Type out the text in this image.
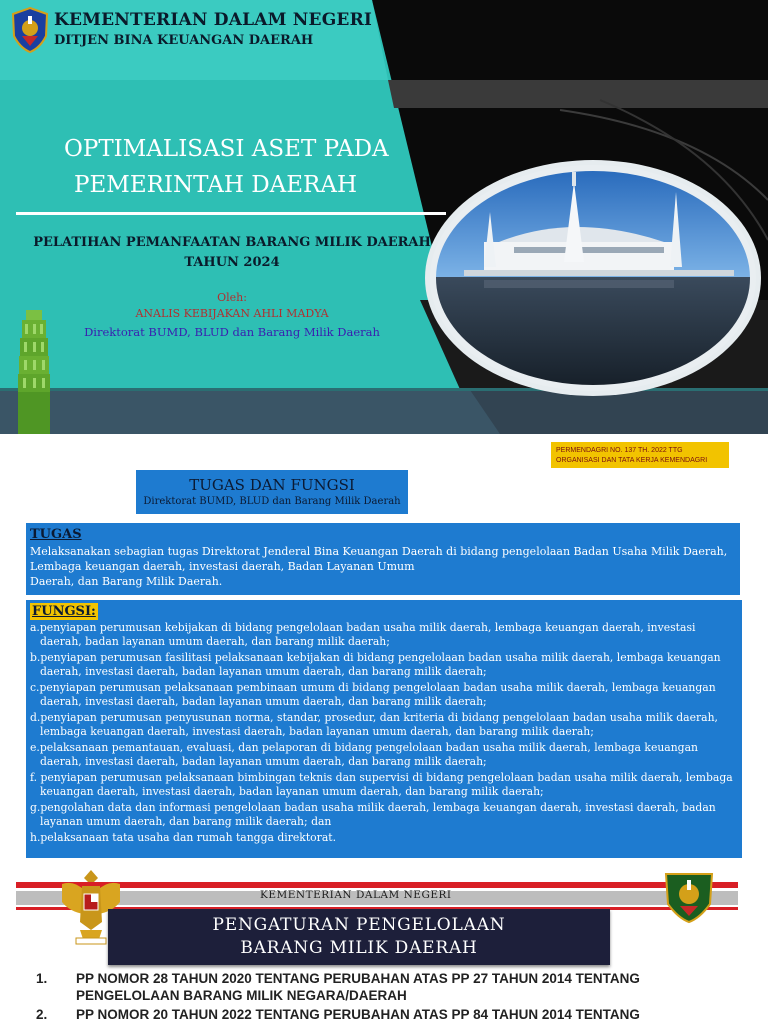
KEMENTERIAN DALAM NEGERI
DITJEN BINA KEUANGAN DAERAH
OPTIMALISASI ASET PADA
PEMERINTAH DAERAH
PELATIHAN PEMANFAATAN BARANG MILIK DAERAH
TAHUN 2024
Oleh:
ANALIS KEBIJAKAN AHLI MADYA
Direktorat BUMD, BLUD dan Barang Milik Daerah
PERMENDAGRI NO. 137 TH. 2022 TTG
ORGANISASI DAN TATA KERJA KEMENDAGRI
TUGAS DAN FUNGSI
Direktorat BUMD, BLUD dan Barang Milik Daerah
TUGAS
Melaksanakan sebagian tugas Direktorat Jenderal Bina Keuangan Daerah di bidang pengelolaan Badan Usaha Milik Daerah,
Lembaga keuangan daerah, investasi daerah, Badan Layanan Umum
Daerah, dan Barang Milik Daerah.
FUNGSI:
a.penyiapan perumusan kebijakan di bidang pengelolaan badan usaha milik daerah, lembaga keuangan daerah, investasi daerah, badan layanan umum daerah, dan barang milik daerah;
b.penyiapan perumusan fasilitasi pelaksanaan kebijakan di bidang pengelolaan badan usaha milik daerah, lembaga keuangan daerah, investasi daerah, badan layanan umum daerah, dan barang milik daerah;
c.penyiapan perumusan pelaksanaan pembinaan umum di bidang pengelolaan badan usaha milik daerah, lembaga keuangan daerah, investasi daerah, badan layanan umum daerah, dan barang milik daerah;
d.penyiapan perumusan penyusunan norma, standar, prosedur, dan kriteria di bidang pengelolaan badan usaha milik daerah, lembaga keuangan daerah, investasi daerah, badan layanan umum daerah, dan barang milik daerah;
e.pelaksanaan pemantauan, evaluasi, dan pelaporan di bidang pengelolaan badan usaha milik daerah, lembaga keuangan daerah, investasi daerah, badan layanan umum daerah, dan barang milik daerah;
f. penyiapan perumusan pelaksanaan bimbingan teknis dan supervisi di bidang pengelolaan badan usaha milik daerah, lembaga keuangan daerah, investasi daerah, badan layanan umum daerah, dan barang milik daerah;
g.pengolahan data dan informasi pengelolaan badan usaha milik daerah, lembaga keuangan daerah, investasi daerah, badan layanan umum daerah, dan barang milik daerah; dan
h.pelaksanaan tata usaha dan rumah tangga direktorat.
KEMENTERIAN DALAM NEGERI
PENGATURAN PENGELOLAAN
BARANG MILIK DAERAH
1. PP NOMOR 28 TAHUN 2020 TENTANG PERUBAHAN ATAS PP 27 TAHUN 2014 TENTANG
PENGELOLAAN BARANG MILIK NEGARA/DAERAH
2. PP NOMOR 20 TAHUN 2022 TENTANG PERUBAHAN ATAS PP 84 TAHUN 2014 TENTANG
